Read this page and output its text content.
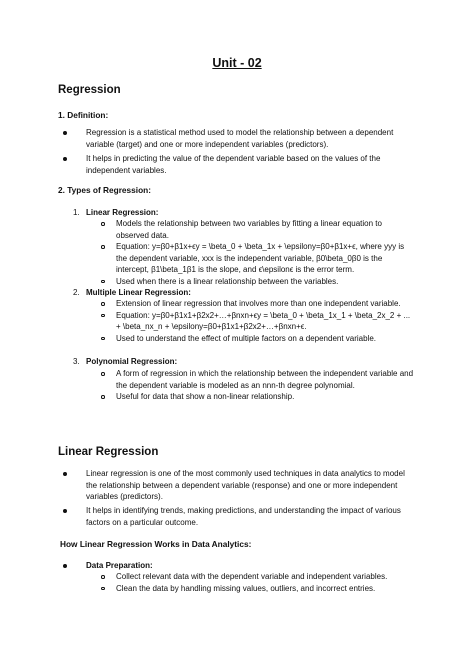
Unit - 02
Regression
1. Definition:
Regression is a statistical method used to model the relationship between a dependent variable (target) and one or more independent variables (predictors).
It helps in predicting the value of the dependent variable based on the values of the independent variables.
2. Types of Regression:
1. Linear Regression:
Models the relationship between two variables by fitting a linear equation to observed data.
Equation: y=β0+β1x+ϵy = \beta_0 + \beta_1x + \epsilony=β0+β1x+ϵ, where yyy is the dependent variable, xxx is the independent variable, β0\beta_0β0 is the intercept, β1\beta_1β1 is the slope, and ϵ\epsilonϵ is the error term.
Used when there is a linear relationship between the variables.
2. Multiple Linear Regression:
Extension of linear regression that involves more than one independent variable.
Equation: y=β0+β1x1+β2x2+…+βnxn+ϵy = \beta_0 + \beta_1x_1 + \beta_2x_2 + ... + \beta_nx_n + \epsilony=β0+β1x1+β2x2+…+βnxn+ϵ.
Used to understand the effect of multiple factors on a dependent variable.
3. Polynomial Regression:
A form of regression in which the relationship between the independent variable and the dependent variable is modeled as an nnn-th degree polynomial.
Useful for data that show a non-linear relationship.
Linear Regression
Linear regression is one of the most commonly used techniques in data analytics to model the relationship between a dependent variable (response) and one or more independent variables (predictors).
It helps in identifying trends, making predictions, and understanding the impact of various factors on a particular outcome.
How Linear Regression Works in Data Analytics:
Data Preparation:
Collect relevant data with the dependent variable and independent variables.
Clean the data by handling missing values, outliers, and incorrect entries.
